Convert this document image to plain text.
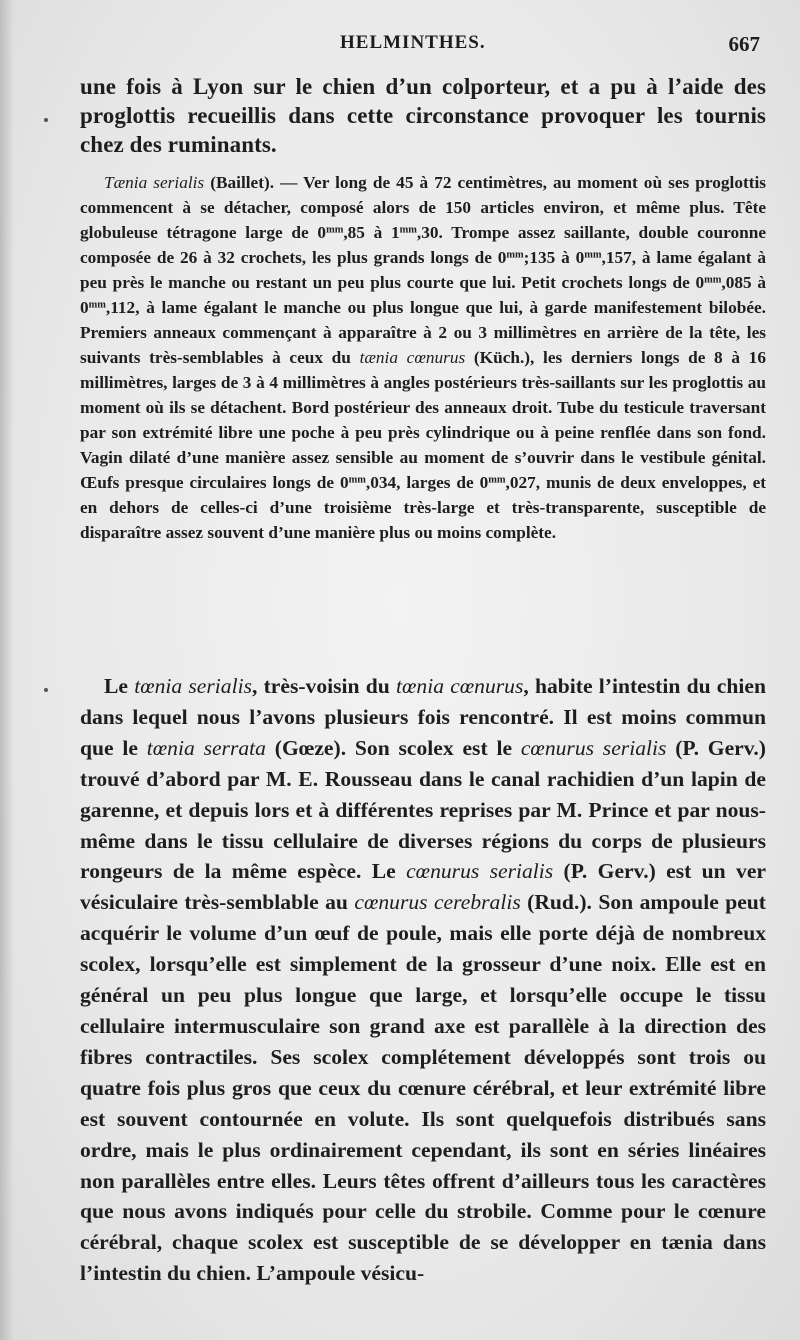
HELMINTHES.	667

une fois à Lyon sur le chien d’un colporteur, et a pu à l’aide des proglottis recueillis dans cette circonstance provoquer les tournis chez des ruminants.

Tænia serialis (Baillet). — Ver long de 45 à 72 centimètres, au moment où ses proglottis commencent à se détacher, composé alors de 150 articles environ, et même plus. Tête globuleuse tétragone large de $0^{mm},85$ à $1^{mm},30$. Trompe assez saillante, double couronne composée de 26 à 32 crochets, les plus grands longs de $0^{mm};135$ à $0^{mm},157$, à lame égalant à peu près le manche ou restant un peu plus courte que lui. Petit crochets longs de $0^{mm},085$ à $0^{mm},112$, à lame égalant le manche ou plus longue que lui, à garde manifestement bilobée. Premiers anneaux commençant à apparaître à 2 ou 3 millimètres en arrière de la tête, les suivants très-semblables à ceux du tænia cœnurus (Küch.), les derniers longs de 8 à 16 millimètres, larges de 3 à 4 millimètres à angles postérieurs très-saillants sur les proglottis au moment où ils se détachent. Bord postérieur des anneaux droit. Tube du testicule traversant par son extrémité libre une poche à peu près cylindrique ou à peine renflée dans son fond. Vagin dilaté d’une manière assez sensible au moment de s’ouvrir dans le vestibule génital. Œufs presque circulaires longs de $0^{mm},034$, larges de $0^{mm},027$, munis de deux enveloppes, et en dehors de celles-ci d’une troisième très-large et très-transparente, susceptible de disparaître assez souvent d’une manière plus ou moins complète.

Le tœnia serialis, très-voisin du tœnia cœnurus, habite l’intestin du chien dans lequel nous l’avons plusieurs fois rencontré. Il est moins commun que le tœnia serrata (Gœze). Son scolex est le cœnurus serialis (P. Gerv.) trouvé d’abord par M. E. Rousseau dans le canal rachidien d’un lapin de garenne, et depuis lors et à différentes reprises par M. Prince et par nous-même dans le tissu cellulaire de diverses régions du corps de plusieurs rongeurs de la même espèce. Le cœnurus serialis (P. Gerv.) est un ver vésiculaire très-semblable au cœnurus cerebralis (Rud.). Son ampoule peut acquérir le volume d’un œuf de poule, mais elle porte déjà de nombreux scolex, lorsqu’elle est simplement de la grosseur d’une noix. Elle est en général un peu plus longue que large, et lorsqu’elle occupe le tissu cellulaire intermusculaire son grand axe est parallèle à la direction des fibres contractiles. Ses scolex complétement développés sont trois ou quatre fois plus gros que ceux du cœnure cérébral, et leur extrémité libre est souvent contournée en volute. Ils sont quelquefois distribués sans ordre, mais le plus ordinairement cependant, ils sont en séries linéaires non parallèles entre elles. Leurs têtes offrent d’ailleurs tous les caractères que nous avons indiqués pour celle du strobile. Comme pour le cœnure cérébral, chaque scolex est susceptible de se développer en tænia dans l’intestin du chien. L’ampoule vésicu-
